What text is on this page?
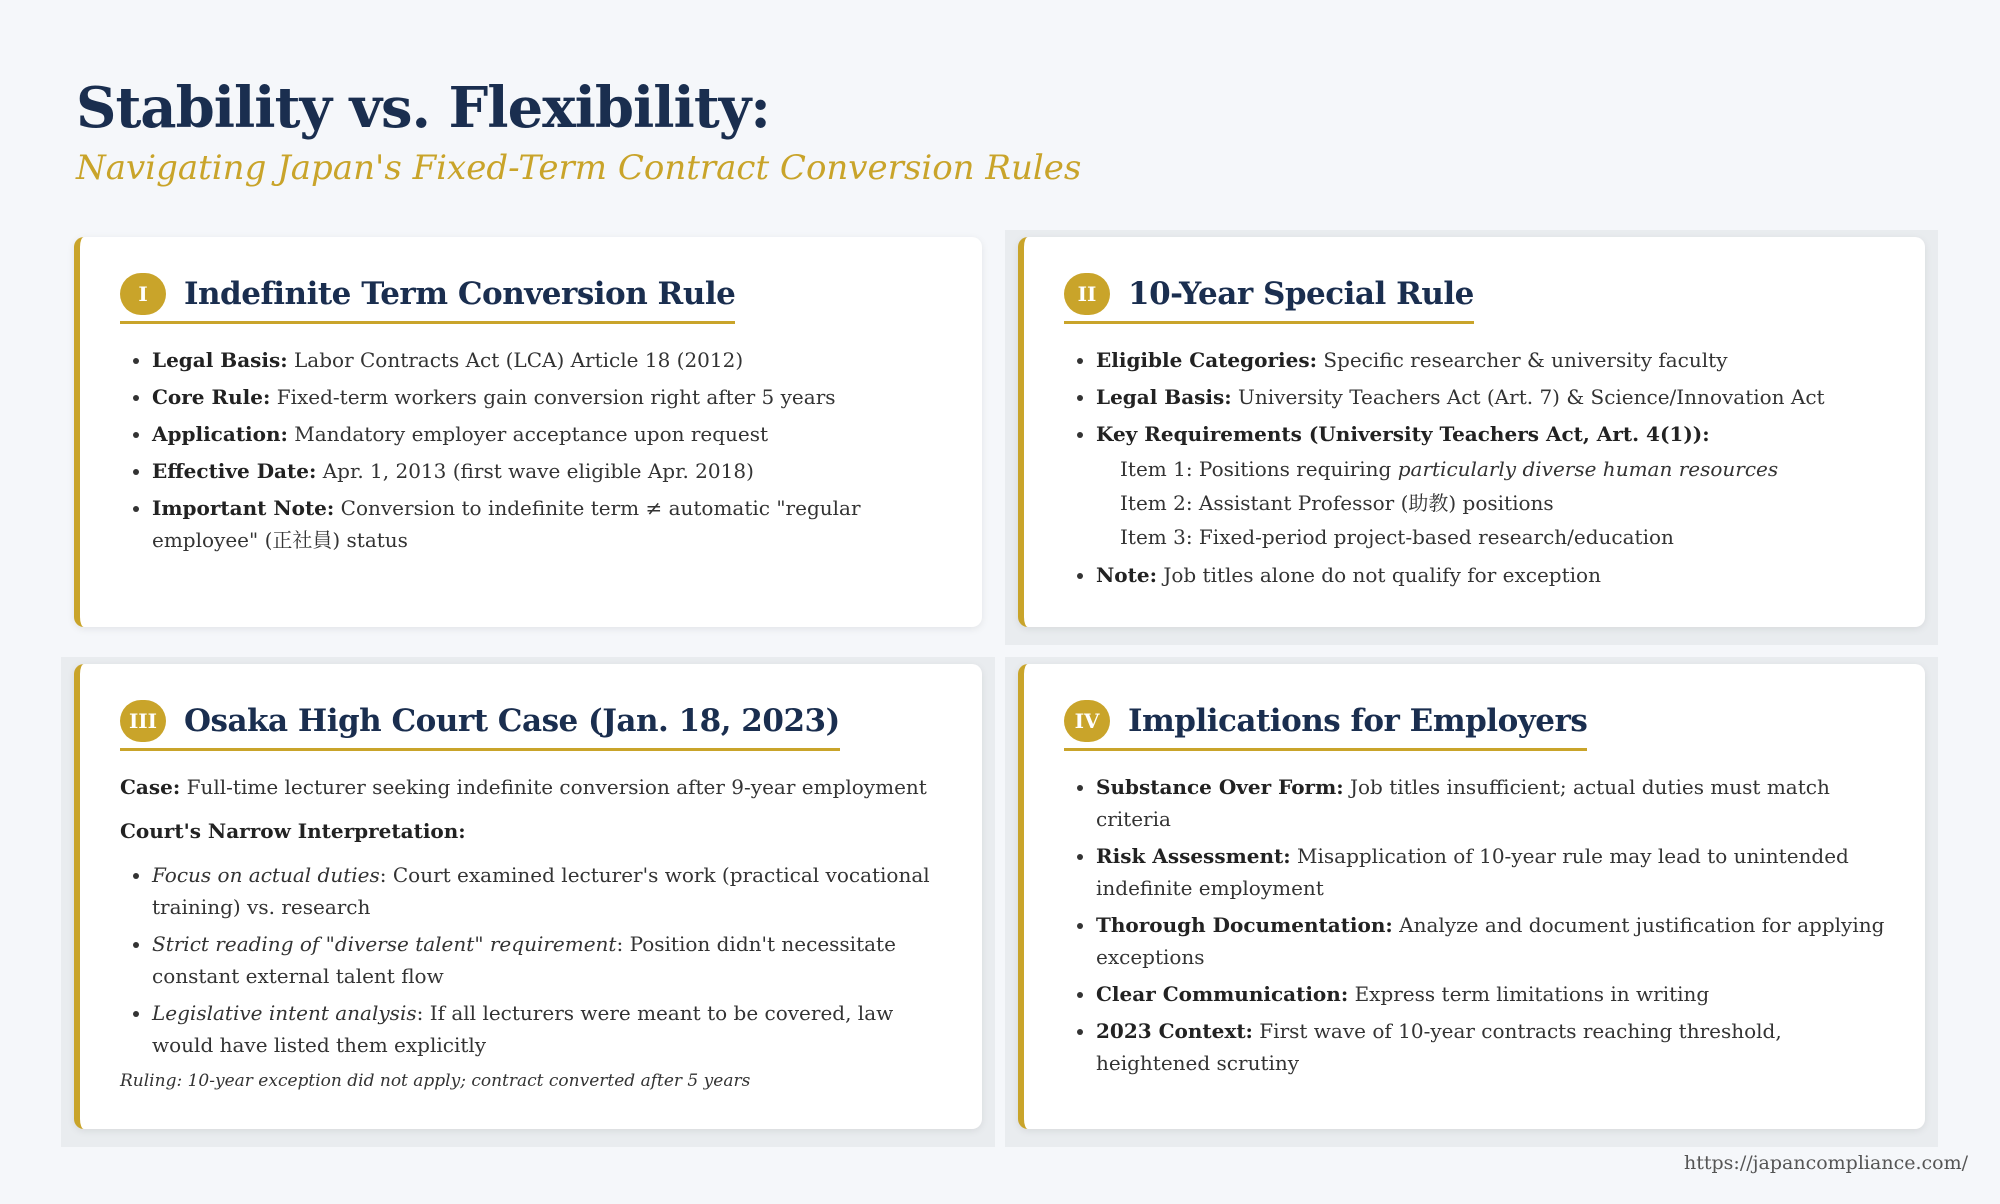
Stability vs. Flexibility:

Navigating Japan's Fixed-Term Contract Conversion Rules

I	Indefinite Term Conversion Rule
• Legal Basis: Labor Contracts Act (LCA) Article 18 (2012)
• Core Rule: Fixed-term workers gain conversion right after 5 years
• Application: Mandatory employer acceptance upon request
• Effective Date: Apr. 1, 2013 (first wave eligible Apr. 2018)
• Important Note: Conversion to indefinite term ≠ automatic "regular employee" (正社員) status
II	10-Year Special Rule
• Eligible Categories: Specific researcher & university faculty
• Legal Basis: University Teachers Act (Art. 7) & Science/Innovation Act
• Key Requirements (University Teachers Act, Art. 4(1)):
Item 1: Positions requiring particularly diverse human resources
Item 2: Assistant Professor (助教) positions
Item 3: Fixed-period project-based research/education
• Note: Job titles alone do not qualify for exception
III Osaka High Court Case (Jan. 18, 2023)

Case: Full-time lecturer seeking indefinite conversion after 9-year employment

Court's Narrow Interpretation:

• Focus on actual duties: Court examined lecturer's work (practical vocational training) vs. research
• Strict reading of "diverse talent" requirement: Position didn't necessitate constant external talent flow
• Legislative intent analysis: If all lecturers were meant to be covered, law would have listed them explicitly
Ruling: 10-year exception did not apply; contract converted after 5 years
IV Implications for Employers
• Substance Over Form: Job titles insufficient; actual duties must match criteria
• Risk Assessment: Misapplication of 10-year rule may lead to unintended indefinite employment
• Thorough Documentation: Analyze and document justification for applying exceptions
• Clear Communication: Express term limitations in writing
• 2023 Context: First wave of 10-year contracts reaching threshold, heightened scrutiny
https://japancompliance.com/
